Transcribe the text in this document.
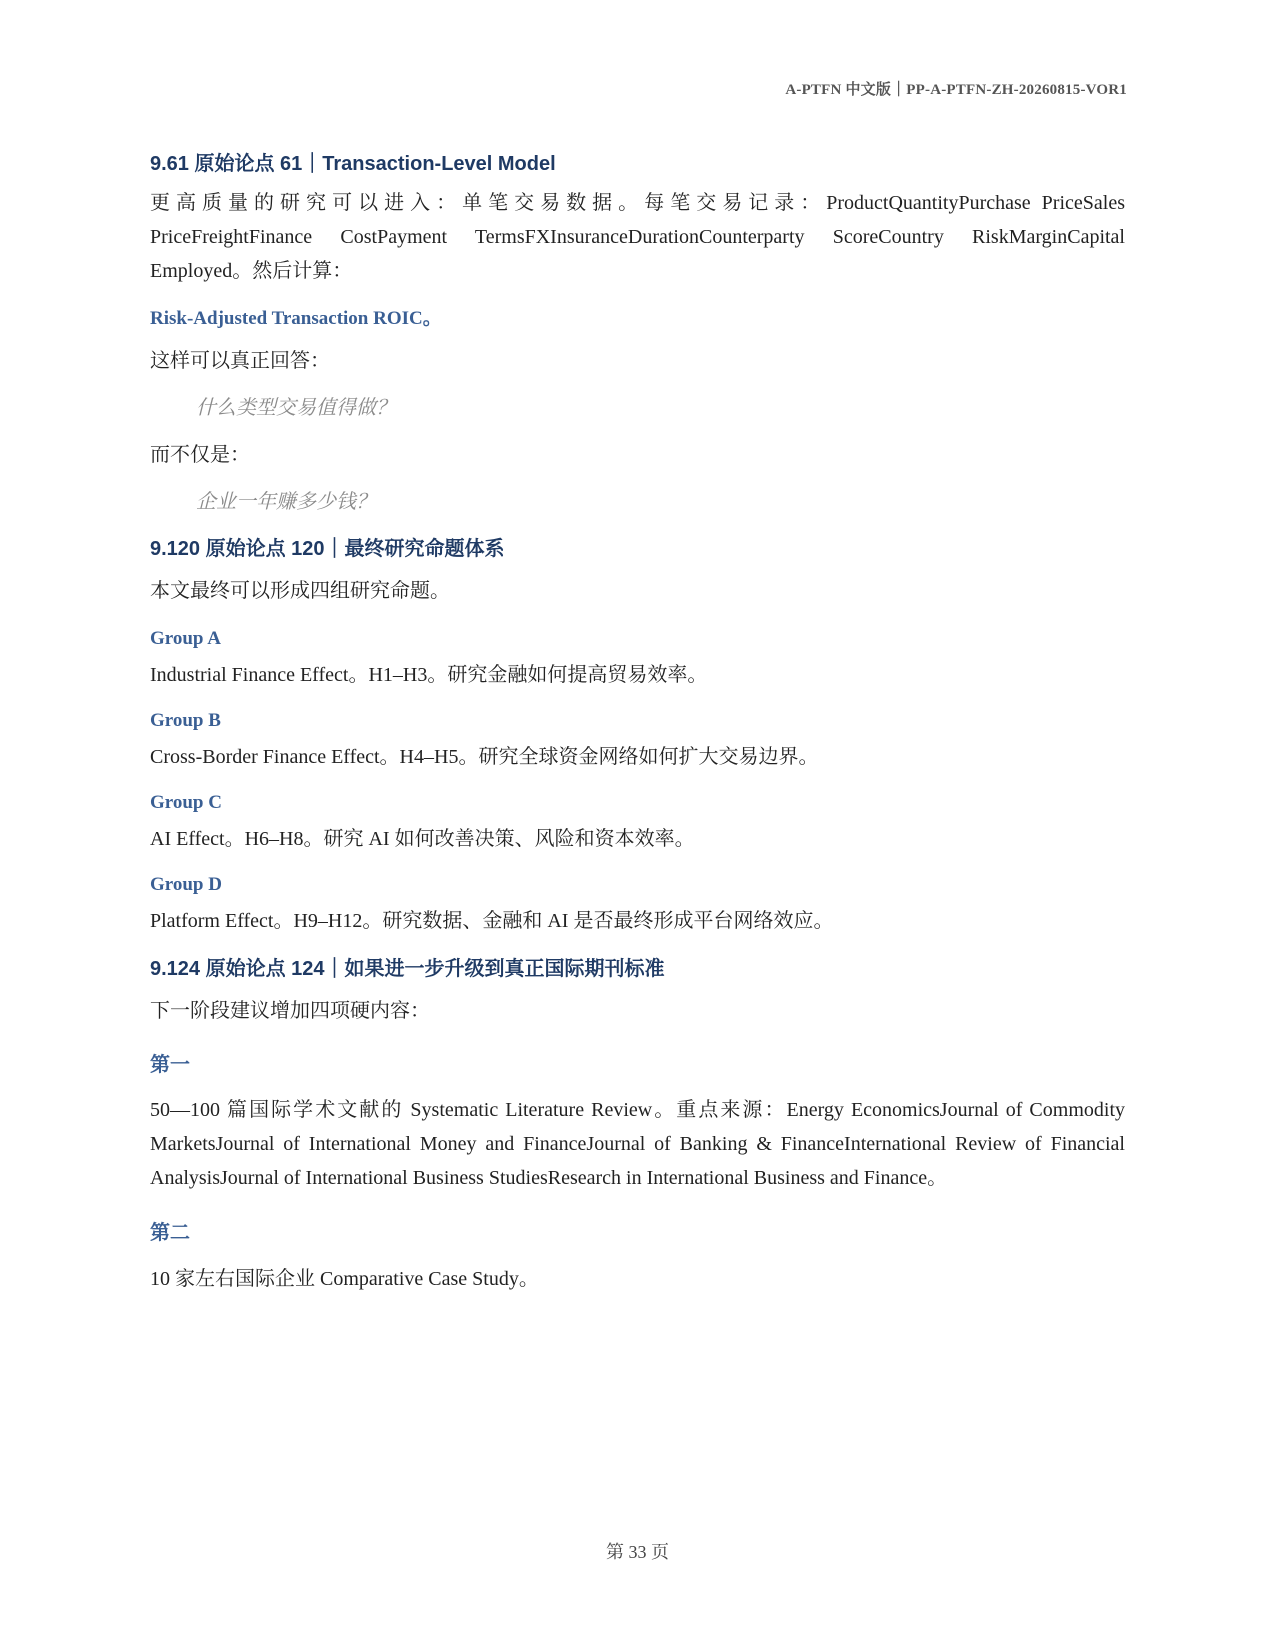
A-PTFN 中文版｜PP-A-PTFN-ZH-20260815-VOR1
9.61 原始论点 61｜Transaction-Level Model

更高质量的研究可以进入：单笔交易数据。每笔交易记录：ProductQuantityPurchase PriceSales PriceFreightFinance CostPayment TermsFXInsuranceDurationCounterparty ScoreCountry RiskMarginCapital Employed。然后计算：

Risk-Adjusted Transaction ROIC。

这样可以真正回答：

什么类型交易值得做？

而不仅是：

企业一年赚多少钱？

9.120 原始论点 120｜最终研究命题体系

本文最终可以形成四组研究命题。

Group A

Industrial Finance Effect。H1–H3。研究金融如何提高贸易效率。

Group B

Cross-Border Finance Effect。H4–H5。研究全球资金网络如何扩大交易边界。

Group C

AI Effect。H6–H8。研究 AI 如何改善决策、风险和资本效率。

Group D

Platform Effect。H9–H12。研究数据、金融和 AI 是否最终形成平台网络效应。

9.124 原始论点 124｜如果进一步升级到真正国际期刊标准

下一阶段建议增加四项硬内容：

第一

50—100 篇国际学术文献的 Systematic Literature Review。重点来源：Energy EconomicsJournal of Commodity MarketsJournal of International Money and FinanceJournal of Banking & FinanceInternational Review of Financial AnalysisJournal of International Business StudiesResearch in International Business and Finance。

第二

10 家左右国际企业 Comparative Case Study。

第 33 页
